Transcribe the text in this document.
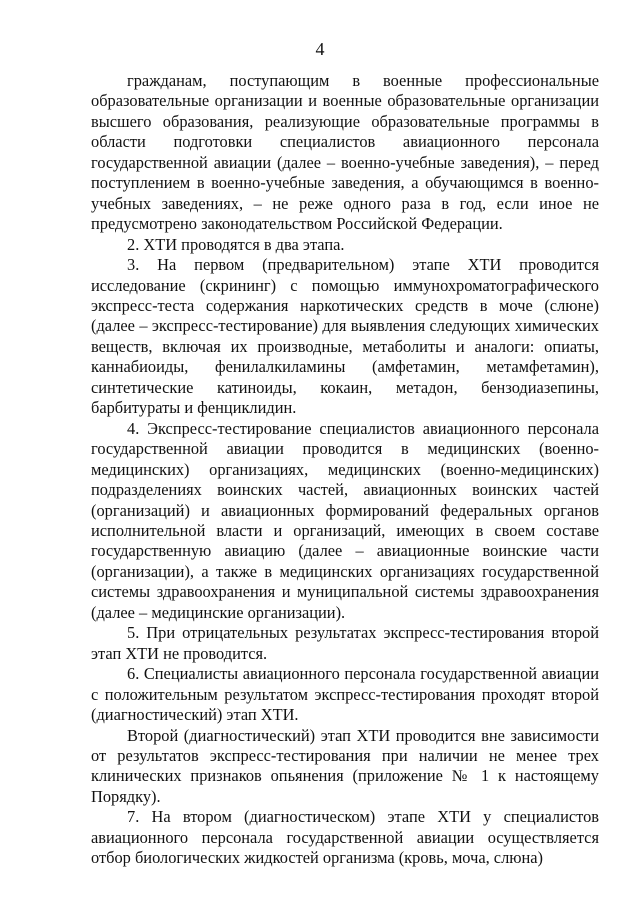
4

гражданам, поступающим в военные профессиональные образовательные организации и военные образовательные организации высшего образования, реализующие образовательные программы в области подготовки специалистов авиационного персонала государственной авиации (далее – военно-учебные заведения), – перед поступлением в военно-учебные заведения, а обучающимся в военно-учебных заведениях, – не реже одного раза в год, если иное не предусмотрено законодательством Российской Федерации.

2. ХТИ проводятся в два этапа.

3. На первом (предварительном) этапе ХТИ проводится исследование (скрининг) с помощью иммунохроматографического экспресс-теста содержания наркотических средств в моче (слюне) (далее – экспресс-тестирование) для выявления следующих химических веществ, включая их производные, метаболиты и аналоги: опиаты, каннабиоиды, фенилалкиламины (амфетамин, метамфетамин), синтетические катиноиды, кокаин, метадон, бензодиазепины, барбитураты и фенциклидин.

4. Экспресс-тестирование специалистов авиационного персонала государственной авиации проводится в медицинских (военно-медицинских) организациях, медицинских (военно-медицинских) подразделениях воинских частей, авиационных воинских частей (организаций) и авиационных формирований федеральных органов исполнительной власти и организаций, имеющих в своем составе государственную авиацию (далее – авиационные воинские части (организации), а также в медицинских организациях государственной системы здравоохранения и муниципальной системы здравоохранения (далее – медицинские организации).

5. При отрицательных результатах экспресс-тестирования второй этап ХТИ не проводится.

6. Специалисты авиационного персонала государственной авиации с положительным результатом экспресс-тестирования проходят второй (диагностический) этап ХТИ.

Второй (диагностический) этап ХТИ проводится вне зависимости от результатов экспресс-тестирования при наличии не менее трех клинических признаков опьянения (приложение № 1 к настоящему Порядку).

7. На втором (диагностическом) этапе ХТИ у специалистов авиационного персонала государственной авиации осуществляется отбор биологических жидкостей организма (кровь, моча, слюна)
